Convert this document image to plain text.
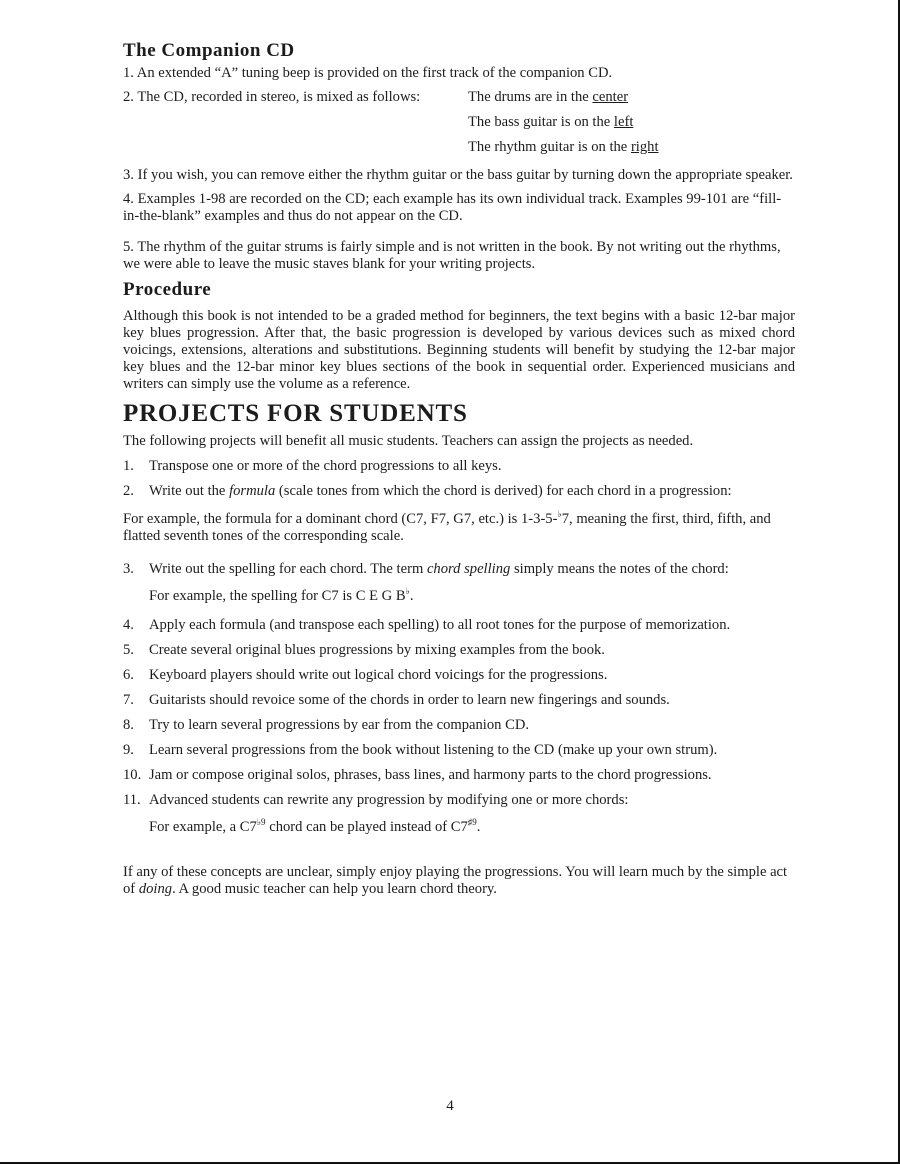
The Companion CD

1. An extended “A” tuning beep is provided on the first track of the companion CD.

2. The CD, recorded in stereo, is mixed as follows:	The drums are in the center
The bass guitar is on the left
The rhythm guitar is on the right

3. If you wish, you can remove either the rhythm guitar or the bass guitar by turning down the appropriate speaker.

4. Examples 1-98 are recorded on the CD; each example has its own individual track. Examples 99-101 are “fill- in-the-blank” examples and thus do not appear on the CD.

5. The rhythm of the guitar strums is fairly simple and is not written in the book. By not writing out the rhythms, we were able to leave the music staves blank for your writing projects.

Procedure

Although this book is not intended to be a graded method for beginners, the text begins with a basic 12-bar major key blues progression. After that, the basic progression is developed by various devices such as mixed chord voicings, extensions, alterations and substitutions. Beginning students will benefit by studying the 12-bar major key blues and the 12-bar minor key blues sections of the book in sequential order. Experienced musicians and writers can simply use the volume as a reference.

PROJECTS FOR STUDENTS

The following projects will benefit all music students. Teachers can assign the projects as needed.

1.	Transpose one or more of the chord progressions to all keys.
2.	Write out the formula (scale tones from which the chord is derived) for each chord in a progression:

For example, the formula for a dominant chord (C7, F7, G7, etc.) is 1-3-5-♭7, meaning the first, third, fifth, and flatted seventh tones of the corresponding scale.

3.	Write out the spelling for each chord. The term chord spelling simply means the notes of the chord:

For example, the spelling for C7 is C E G B♭.

4.	Apply each formula (and transpose each spelling) to all root tones for the purpose of memorization.
5.	Create several original blues progressions by mixing examples from the book.
6.	Keyboard players should write out logical chord voicings for the progressions.
7.	Guitarists should revoice some of the chords in order to learn new fingerings and sounds.
8.	Try to learn several progressions by ear from the companion CD.
9.	Learn several progressions from the book without listening to the CD (make up your own strum).
10. Jam or compose original solos, phrases, bass lines, and harmony parts to the chord progressions.
11. Advanced students can rewrite any progression by modifying one or more chords:

For example, a $C7^{♭9}$ chord can be played instead of $C7^{♯9}$.

If any of these concepts are unclear, simply enjoy playing the progressions. You will learn much by the simple act of doing. A good music teacher can help you learn chord theory.

4
